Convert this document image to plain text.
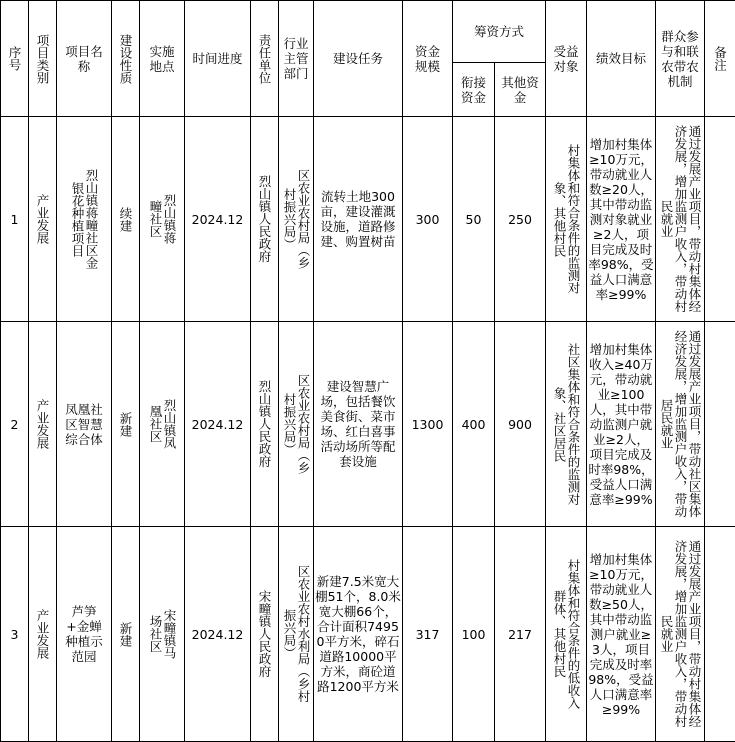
序号	项目类别	项目名称	建设性质	实施地点	时间进度	责任单位	行业主管部门	建设任务	资金规模	筹资方式		受益对象	绩效目标	群众参与和联农带农机制	备注

										衔接资金	其他资金				

1	产业发展	烈山镇蒋疃社区金银花种植项目	续建	烈山镇蒋疃社区	2024.12	烈山镇人民政府	区农业农村局（乡村振兴局）	流转土地300亩，建设灌溉设施，道路修建、购置树苗	300	50	250	村集体和符合条件的监测对象、其他村民	增加村集体≥10万元，带动就业人数≥20人，其中带动监测对象就业≥2人，项目完成及时率98%，受益人口满意率≥99%	通过发展产业项目，带动村集体经济发展，增加监测户收入，带动村民就业	

2	产业发展	凤凰社区智慧综合体	新建	烈山镇凤凰社区	2024.12	烈山镇人民政府	区农业农村局（乡村振兴局）	建设智慧广场，包括餐饮美食街、菜市场、红白喜事活动场所等配套设施	1300	400	900	社区集体和符合条件的监测对象、社区居民	增加村集体收入≥40万元，带动就业≥100人，其中带动监测户就业≥2人，项目完成及时率98%，受益人口满意率≥99%	通过发展产业项目，带动社区集体经济发展，增加监测户收入，带动居民就业	

3	产业发展	芦笋+金蝉种植示范园	新建	宋疃镇马场社区	2024.12	宋疃镇人民政府	区农业农村水利局（乡村振兴局）	新建7.5米宽大棚51个，8.0米宽大棚66个，合计面积74950平方米，碎石道路10000平方米，商砼道路1200平方米	317	100	217	村集体和符合条件的低收入群体、其他村民	增加村集体≥10万元，带动就业人数≥50人，其中带动监测户就业≥3人，项目完成及时率98%，受益人口满意率≥99%	通过发展产业项目，带动村集体经济发展，增加监测户收入，带动村民就业	
